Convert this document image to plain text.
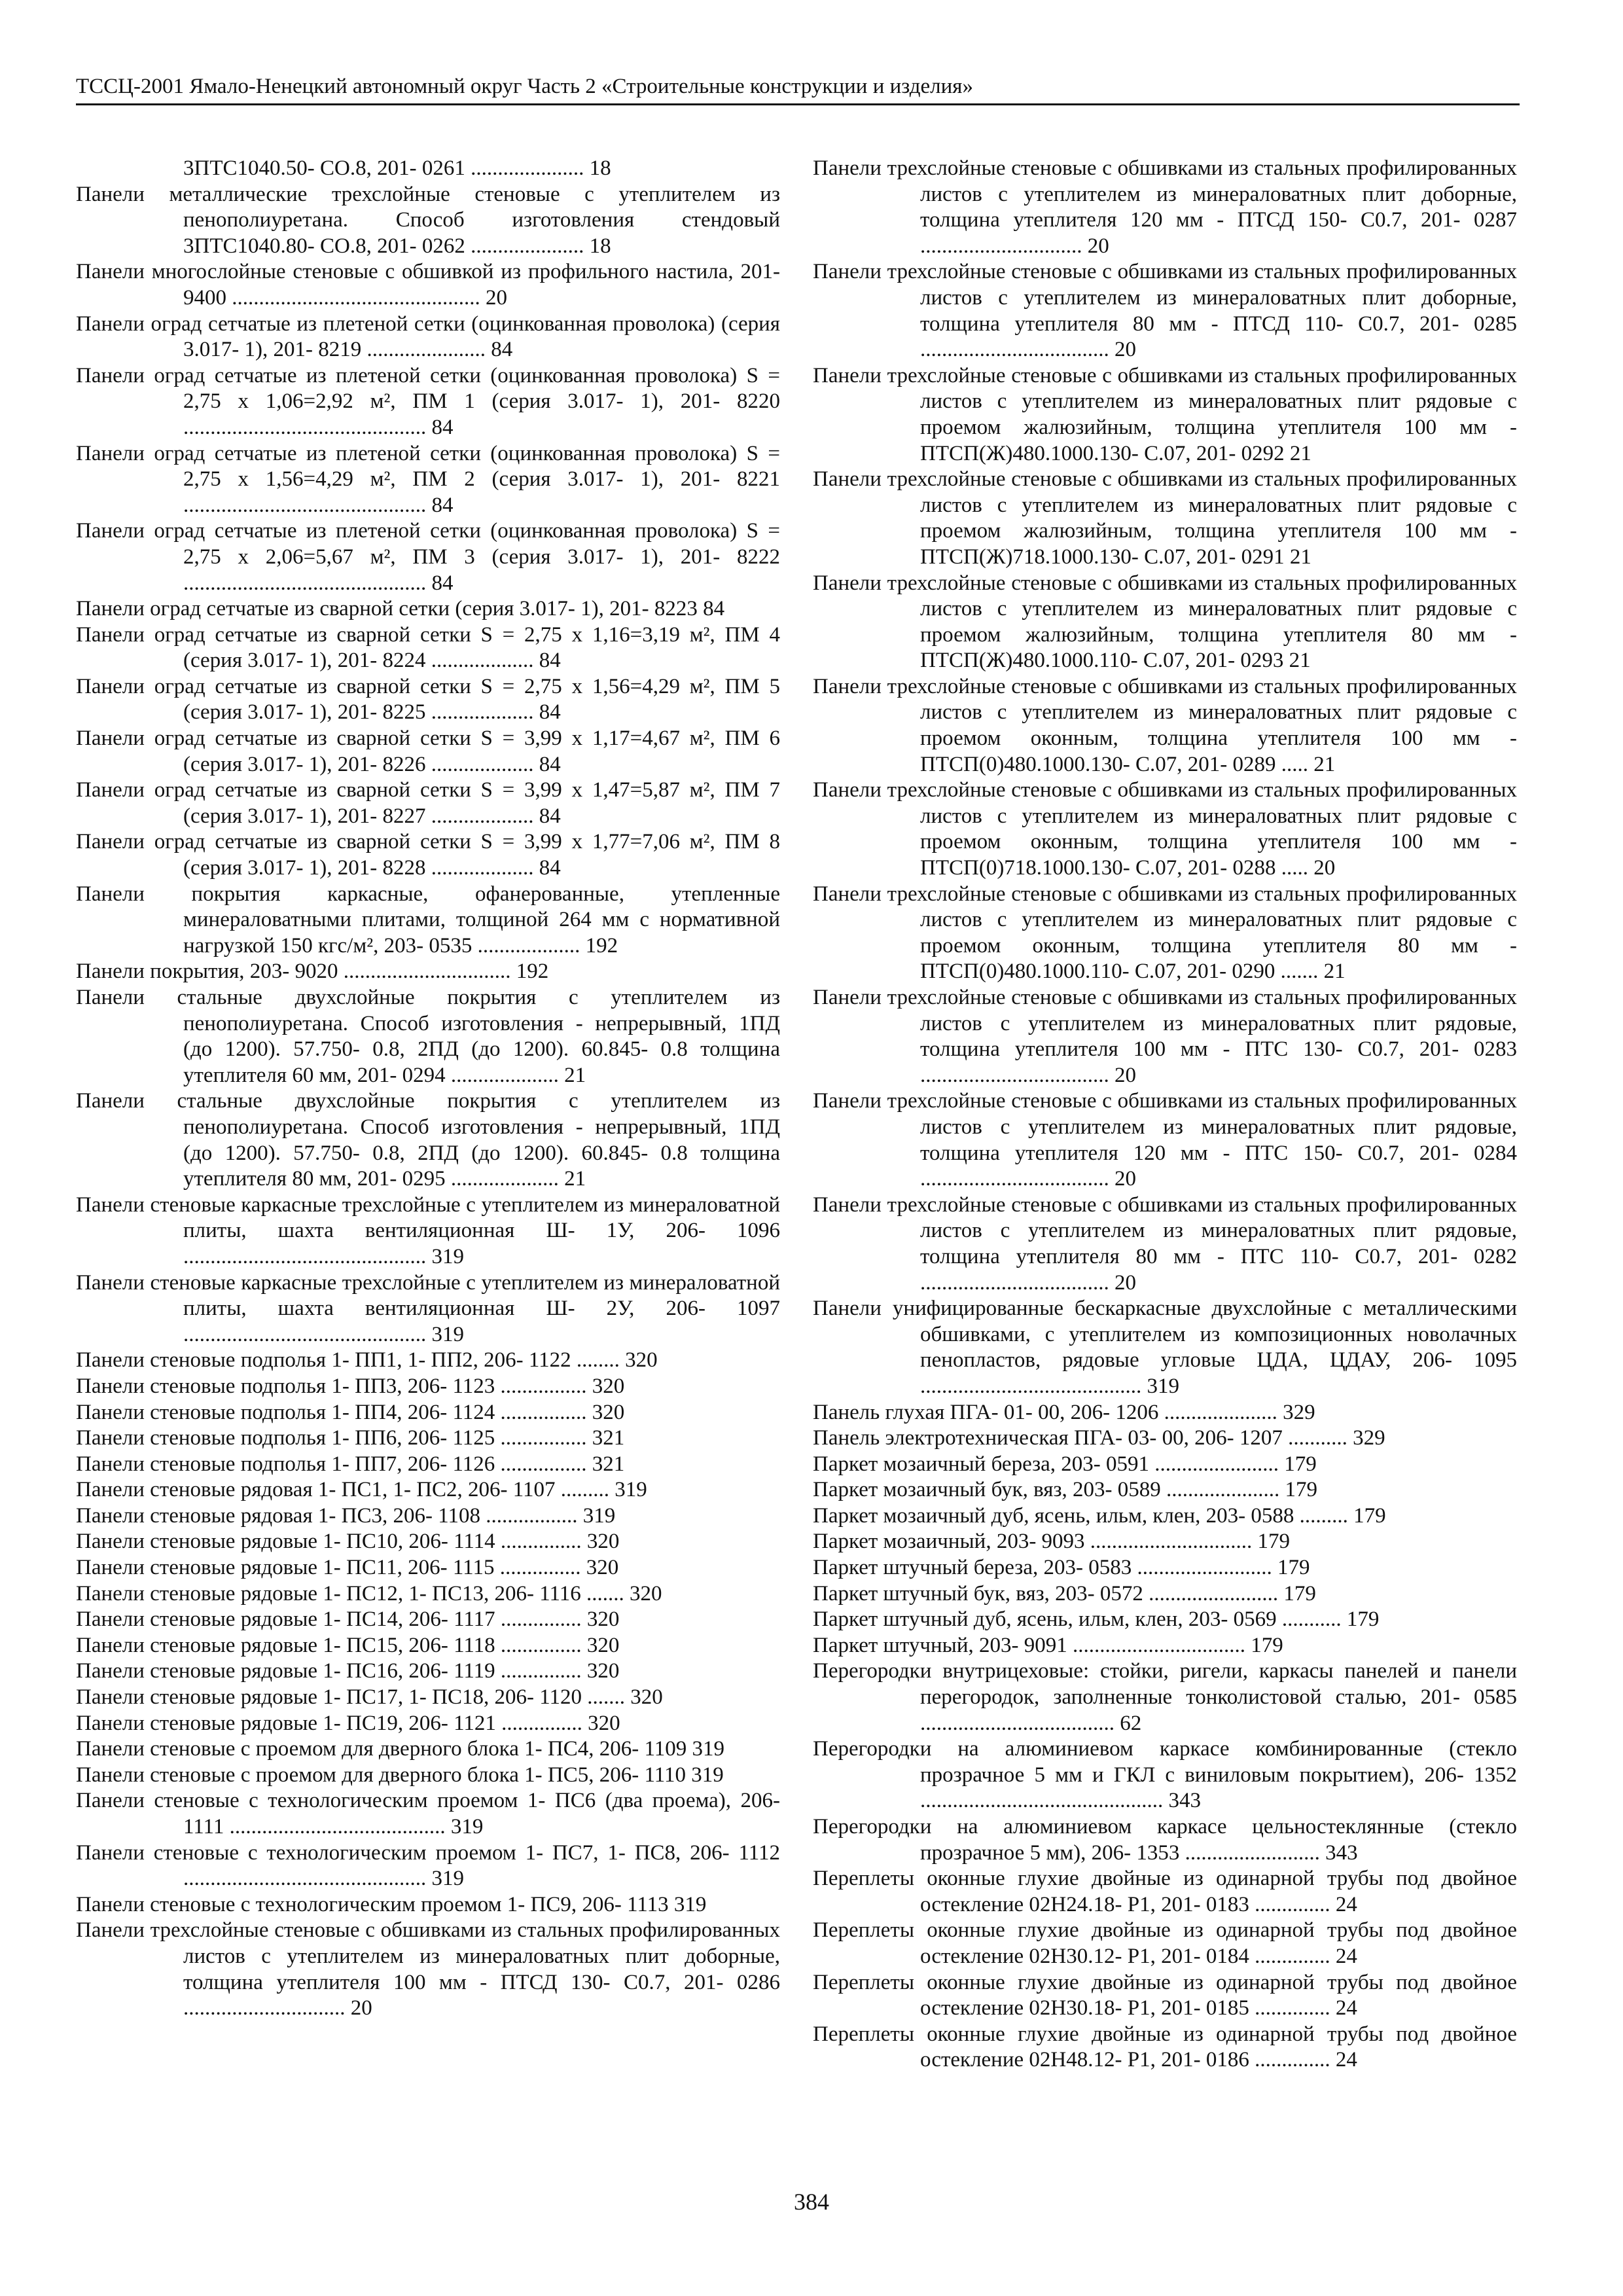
ТССЦ-2001 Ямало-Ненецкий автономный округ Часть 2 «Строительные конструкции и изделия»
3ПТС1040.50- СО.8, 201- 0261 ..................... 18
Панели металлические трехслойные стеновые с утеплителем из пенополиуретана. Способ изготовления стендовый 3ПТС1040.80- СО.8, 201- 0262 ..................... 18
Панели многослойные стеновые с обшивкой из профильного настила, 201- 9400 .............................................. 20
Панели оград сетчатые из плетеной сетки (оцинкованная проволока) (серия 3.017- 1), 201- 8219 ...................... 84
Панели оград сетчатые из плетеной сетки (оцинкованная проволока) S = 2,75 х 1,06=2,92 м², ПМ 1 (серия 3.017- 1), 201- 8220 ............................................. 84
Панели оград сетчатые из плетеной сетки (оцинкованная проволока) S = 2,75 х 1,56=4,29 м², ПМ 2 (серия 3.017- 1), 201- 8221 ............................................. 84
Панели оград сетчатые из плетеной сетки (оцинкованная проволока) S = 2,75 х 2,06=5,67 м², ПМ 3 (серия 3.017- 1), 201- 8222 ............................................. 84
Панели оград сетчатые из сварной сетки (серия 3.017- 1), 201- 8223 84
Панели оград сетчатые из сварной сетки S = 2,75 х 1,16=3,19 м², ПМ 4 (серия 3.017- 1), 201- 8224 ................... 84
Панели оград сетчатые из сварной сетки S = 2,75 х 1,56=4,29 м², ПМ 5 (серия 3.017- 1), 201- 8225 ................... 84
Панели оград сетчатые из сварной сетки S = 3,99 х 1,17=4,67 м², ПМ 6 (серия 3.017- 1), 201- 8226 ................... 84
Панели оград сетчатые из сварной сетки S = 3,99 х 1,47=5,87 м², ПМ 7 (серия 3.017- 1), 201- 8227 ................... 84
Панели оград сетчатые из сварной сетки S = 3,99 х 1,77=7,06 м², ПМ 8 (серия 3.017- 1), 201- 8228 ................... 84
Панели покрытия каркасные, офанерованные, утепленные минераловатными плитами, толщиной 264 мм с нормативной нагрузкой 150 кгс/м², 203- 0535 ................... 192
Панели покрытия, 203- 9020 ............................... 192
Панели стальные двухслойные покрытия с утеплителем из пенополиуретана. Способ изготовления - непрерывный, 1ПД (до 1200). 57.750- 0.8, 2ПД (до 1200). 60.845- 0.8 толщина утеплителя 60 мм, 201- 0294 .................... 21
Панели стальные двухслойные покрытия с утеплителем из пенополиуретана. Способ изготовления - непрерывный, 1ПД (до 1200). 57.750- 0.8, 2ПД (до 1200). 60.845- 0.8 толщина утеплителя 80 мм, 201- 0295 .................... 21
Панели стеновые каркасные трехслойные с утеплителем из минераловатной плиты, шахта вентиляционная Ш- 1У, 206- 1096 ............................................. 319
Панели стеновые каркасные трехслойные с утеплителем из минераловатной плиты, шахта вентиляционная Ш- 2У, 206- 1097 ............................................. 319
Панели стеновые подполья 1- ПП1, 1- ПП2, 206- 1122 ........ 320
Панели стеновые подполья 1- ПП3, 206- 1123 ................ 320
Панели стеновые подполья 1- ПП4, 206- 1124 ................ 320
Панели стеновые подполья 1- ПП6, 206- 1125 ................ 321
Панели стеновые подполья 1- ПП7, 206- 1126 ................ 321
Панели стеновые рядовая 1- ПС1, 1- ПС2, 206- 1107 ......... 319
Панели стеновые рядовая 1- ПС3, 206- 1108 ................. 319
Панели стеновые рядовые 1- ПС10, 206- 1114 ............... 320
Панели стеновые рядовые 1- ПС11, 206- 1115 ............... 320
Панели стеновые рядовые 1- ПС12, 1- ПС13, 206- 1116 ....... 320
Панели стеновые рядовые 1- ПС14, 206- 1117 ............... 320
Панели стеновые рядовые 1- ПС15, 206- 1118 ............... 320
Панели стеновые рядовые 1- ПС16, 206- 1119 ............... 320
Панели стеновые рядовые 1- ПС17, 1- ПС18, 206- 1120 ....... 320
Панели стеновые рядовые 1- ПС19, 206- 1121 ............... 320
Панели стеновые с проемом для дверного блока 1- ПС4, 206- 1109 319
Панели стеновые с проемом для дверного блока 1- ПС5, 206- 1110 319
Панели стеновые с технологическим проемом 1- ПС6 (два проема), 206- 1111 ........................................ 319
Панели стеновые с технологическим проемом 1- ПС7, 1- ПС8, 206- 1112 ............................................. 319
Панели стеновые с технологическим проемом 1- ПС9, 206- 1113 319
Панели трехслойные стеновые с обшивками из стальных профилированных листов с утеплителем из минераловатных плит доборные, толщина утеплителя 100 мм - ПТСД 130- С0.7, 201- 0286 .............................. 20
Панели трехслойные стеновые с обшивками из стальных профилированных листов с утеплителем из минераловатных плит доборные, толщина утеплителя 120 мм - ПТСД 150- С0.7, 201- 0287 .............................. 20
Панели трехслойные стеновые с обшивками из стальных профилированных листов с утеплителем из минераловатных плит доборные, толщина утеплителя 80 мм - ПТСД 110- С0.7, 201- 0285 ................................... 20
Панели трехслойные стеновые с обшивками из стальных профилированных листов с утеплителем из минераловатных плит рядовые с проемом жалюзийным, толщина утеплителя 100 мм - ПТСП(Ж)480.1000.130- С.07, 201- 0292 21
Панели трехслойные стеновые с обшивками из стальных профилированных листов с утеплителем из минераловатных плит рядовые с проемом жалюзийным, толщина утеплителя 100 мм - ПТСП(Ж)718.1000.130- С.07, 201- 0291 21
Панели трехслойные стеновые с обшивками из стальных профилированных листов с утеплителем из минераловатных плит рядовые с проемом жалюзийным, толщина утеплителя 80 мм - ПТСП(Ж)480.1000.110- С.07, 201- 0293 21
Панели трехслойные стеновые с обшивками из стальных профилированных листов с утеплителем из минераловатных плит рядовые с проемом оконным, толщина утеплителя 100 мм - ПТСП(0)480.1000.130- С.07, 201- 0289 ..... 21
Панели трехслойные стеновые с обшивками из стальных профилированных листов с утеплителем из минераловатных плит рядовые с проемом оконным, толщина утеплителя 100 мм - ПТСП(0)718.1000.130- С.07, 201- 0288 ..... 20
Панели трехслойные стеновые с обшивками из стальных профилированных листов с утеплителем из минераловатных плит рядовые с проемом оконным, толщина утеплителя 80 мм - ПТСП(0)480.1000.110- С.07, 201- 0290 ....... 21
Панели трехслойные стеновые с обшивками из стальных профилированных листов с утеплителем из минераловатных плит рядовые, толщина утеплителя 100 мм - ПТС 130- С0.7, 201- 0283 ................................... 20
Панели трехслойные стеновые с обшивками из стальных профилированных листов с утеплителем из минераловатных плит рядовые, толщина утеплителя 120 мм - ПТС 150- С0.7, 201- 0284 ................................... 20
Панели трехслойные стеновые с обшивками из стальных профилированных листов с утеплителем из минераловатных плит рядовые, толщина утеплителя 80 мм - ПТС 110- С0.7, 201- 0282 ................................... 20
Панели унифицированные бескаркасные двухслойные с металлическими обшивками, с утеплителем из композиционных новолачных пенопластов, рядовые угловые ЦДА, ЦДАУ, 206- 1095 ......................................... 319
Панель глухая ПГА- 01- 00, 206- 1206 ..................... 329
Панель электротехническая ПГА- 03- 00, 206- 1207 ........... 329
Паркет мозаичный береза, 203- 0591 ....................... 179
Паркет мозаичный бук, вяз, 203- 0589 ..................... 179
Паркет мозаичный дуб, ясень, ильм, клен, 203- 0588 ......... 179
Паркет мозаичный, 203- 9093 .............................. 179
Паркет штучный береза, 203- 0583 ......................... 179
Паркет штучный бук, вяз, 203- 0572 ........................ 179
Паркет штучный дуб, ясень, ильм, клен, 203- 0569 ........... 179
Паркет штучный, 203- 9091 ................................ 179
Перегородки внутрицеховые: стойки, ригели, каркасы панелей и панели перегородок, заполненные тонколистовой сталью, 201- 0585 .................................... 62
Перегородки на алюминиевом каркасе комбинированные (стекло прозрачное 5 мм и ГКЛ с виниловым покрытием), 206- 1352 ............................................. 343
Перегородки на алюминиевом каркасе цельностеклянные (стекло прозрачное 5 мм), 206- 1353 ......................... 343
Переплеты оконные глухие двойные из одинарной трубы под двойное остекление 02Н24.18- Р1, 201- 0183 .............. 24
Переплеты оконные глухие двойные из одинарной трубы под двойное остекление 02Н30.12- Р1, 201- 0184 .............. 24
Переплеты оконные глухие двойные из одинарной трубы под двойное остекление 02Н30.18- Р1, 201- 0185 .............. 24
Переплеты оконные глухие двойные из одинарной трубы под двойное остекление 02Н48.12- Р1, 201- 0186 .............. 24
384
